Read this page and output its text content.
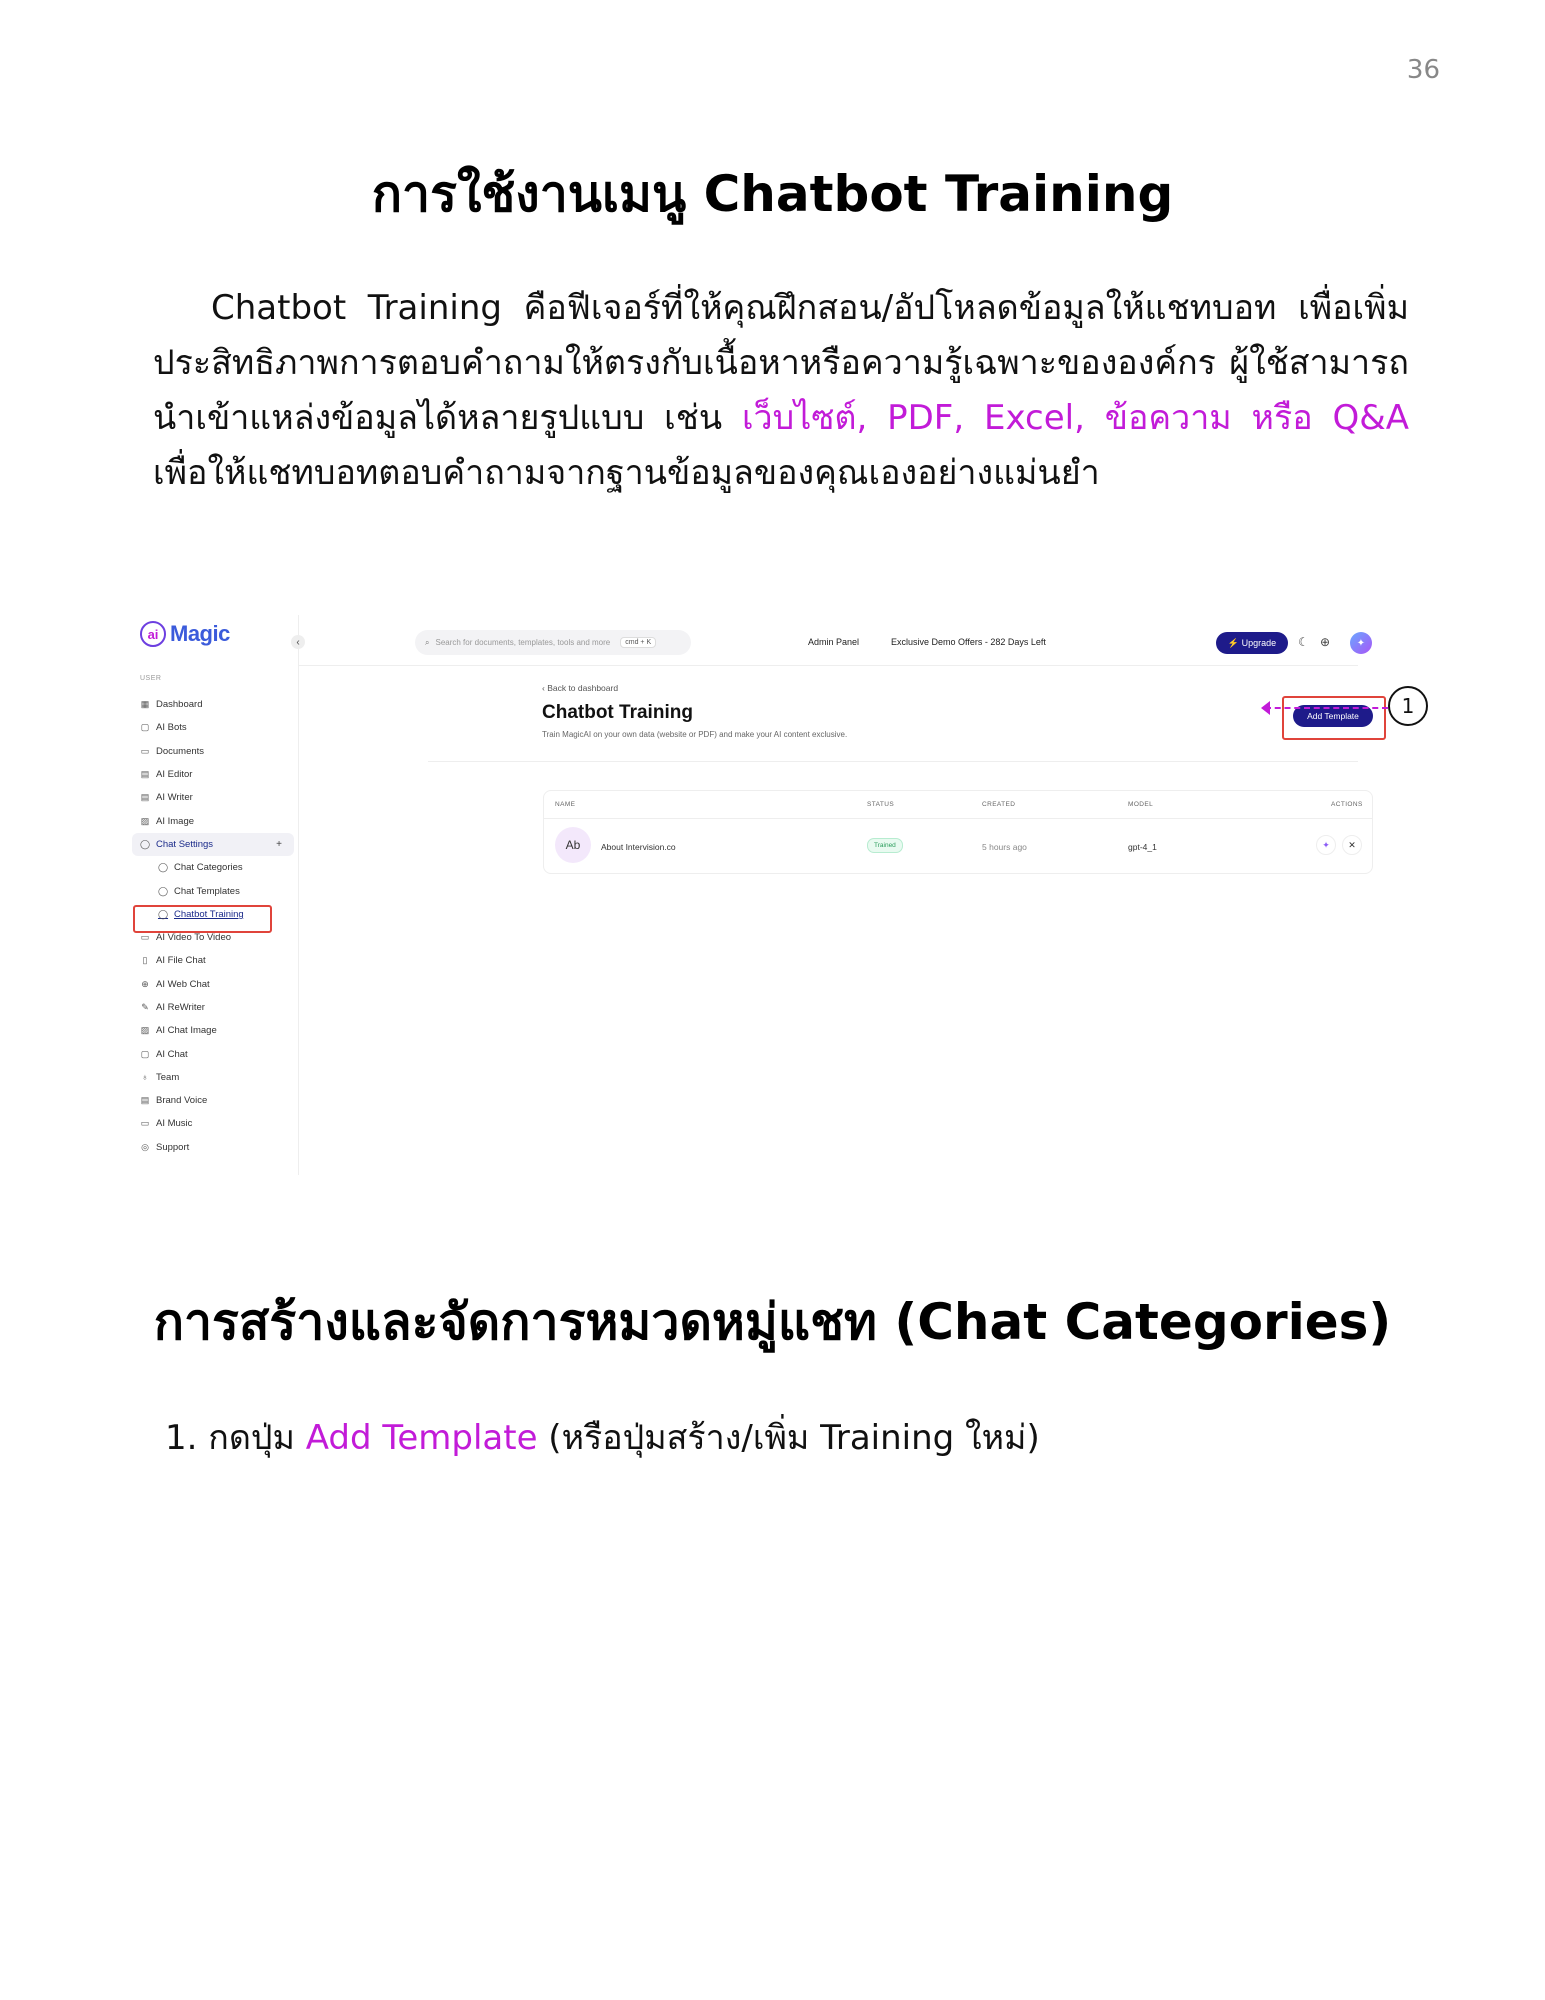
36
การใช้งานเมนู Chatbot Training

Chatbot Training คือฟีเจอร์ที่ให้คุณฝึกสอน/อัปโหลดข้อมูลให้แชทบอท เพื่อเพิ่มประสิทธิภาพการตอบคำถามให้ตรงกับเนื้อหาหรือความรู้เฉพาะขององค์กร ผู้ใช้สามารถนำเข้าแหล่งข้อมูลได้หลายรูปแบบ เช่น เว็บไซต์, PDF, Excel, ข้อความ หรือ Q&A เพื่อให้แชทบอทตอบคำถามจากฐานข้อมูลของคุณเองอย่างแม่นยำ

ai Magic
USER
▦ Dashboard
▢ AI Bots
▭ Documents
▤ AI Editor
▤ AI Writer
▨ AI Image
◯ Chat Settings	+
◯ Chat Categories
◯ Chat Templates
◯ Chatbot Training
▭ AI Video To Video
▯ AI File Chat
⊕ AI Web Chat
✎ AI ReWriter
▨ AI Chat Image
▢ AI Chat
♁ Team
▤ Brand Voice
▭ AI Music
◎ Support
‹	⌕ Search for documents, templates, tools and more	cmd + K	Admin Panel	Exclusive Demo Offers - 282 Days Left	⚡ Upgrade	☾ ⊕	✦
‹ Back to dashboard
Chatbot Training
Train MagicAI on your own data (website or PDF) and make your AI content exclusive.
Add Template
NAME	STATUS	CREATED	MODEL	ACTIONS
Ab	About Intervision.co	Trained	5 hours ago	gpt-4_1	✦	✕
1
การสร้างและจัดการหมวดหมู่แชท (Chat Categories)
1. กดปุ่ม Add Template (หรือปุ่มสร้าง/เพิ่ม Training ใหม่)
